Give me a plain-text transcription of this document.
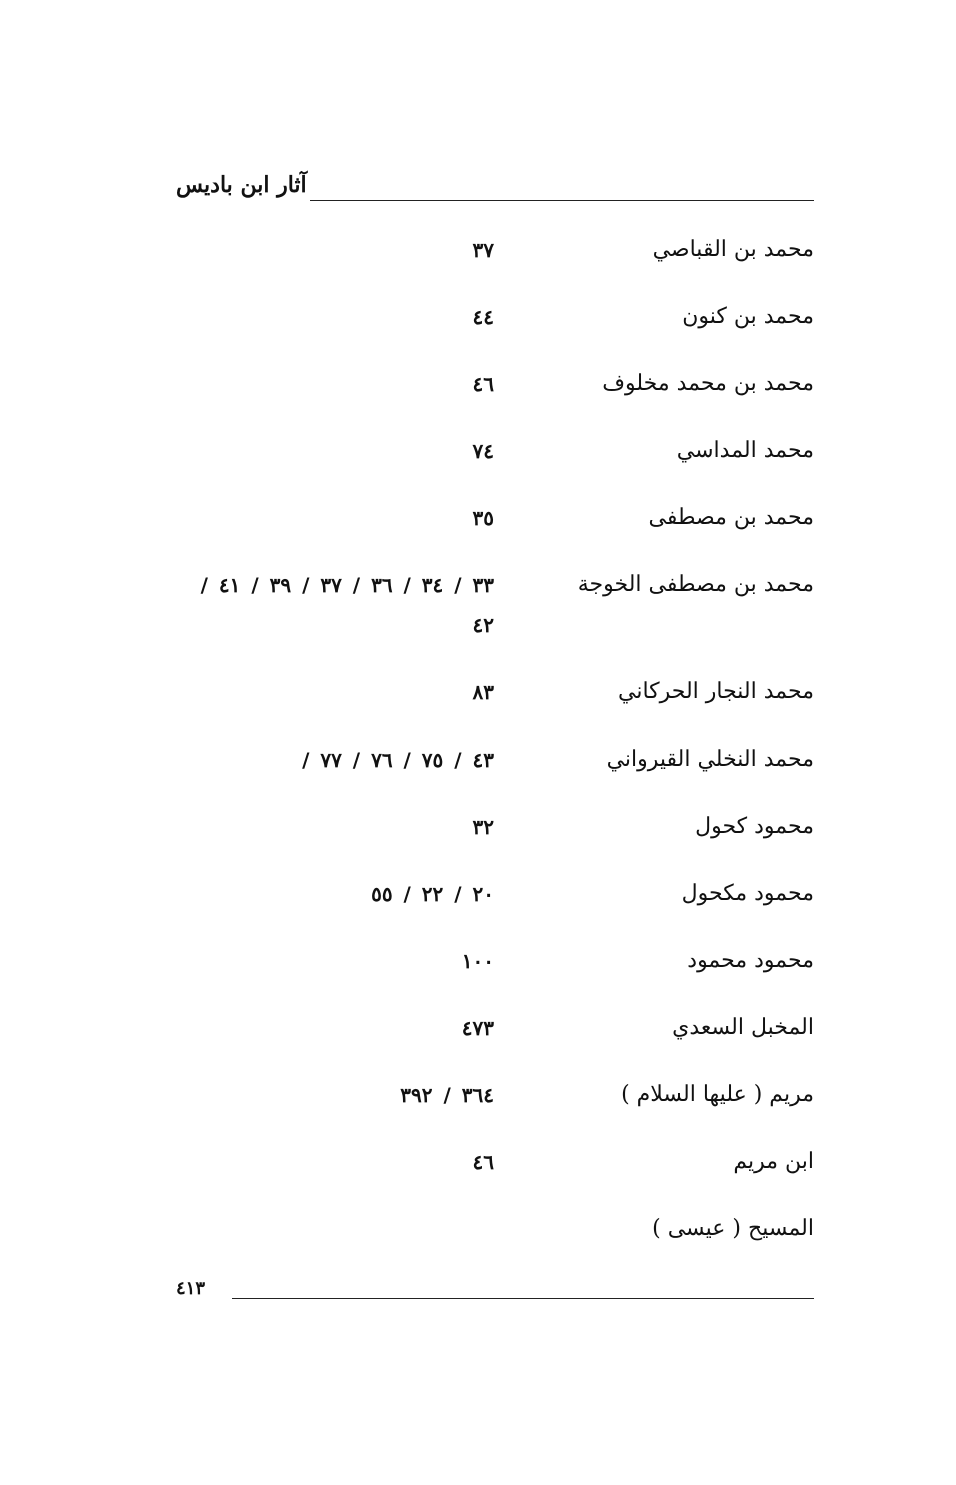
آثار ابن باديس
محمد بن القباصي
٣٧
محمد بن كنون
٤٤
محمد بن محمد مخلوف
٤٦
محمد المداسي
٧٤
محمد بن مصطفى
٣٥
محمد بن مصطفى الخوجة
٣٣ / ٣٤ / ٣٦ / ٣٧ / ٣٩ / ٤١ / ٤٢
محمد النجار الحركاني
٨٣
محمد النخلي القيرواني
٤٣ / ٧٥ / ٧٦ / ٧٧ /
محمود كحول
٣٢
محمود مكحول
٢٠ / ٢٢ / ٥٥
محمود محمود
١٠٠
المخبل السعدي
٤٧٣
مريم ( عليها السلام )
٣٦٤ / ٣٩٢
ابن مريم
٤٦
المسيح ( عيسى )
٤١٣
